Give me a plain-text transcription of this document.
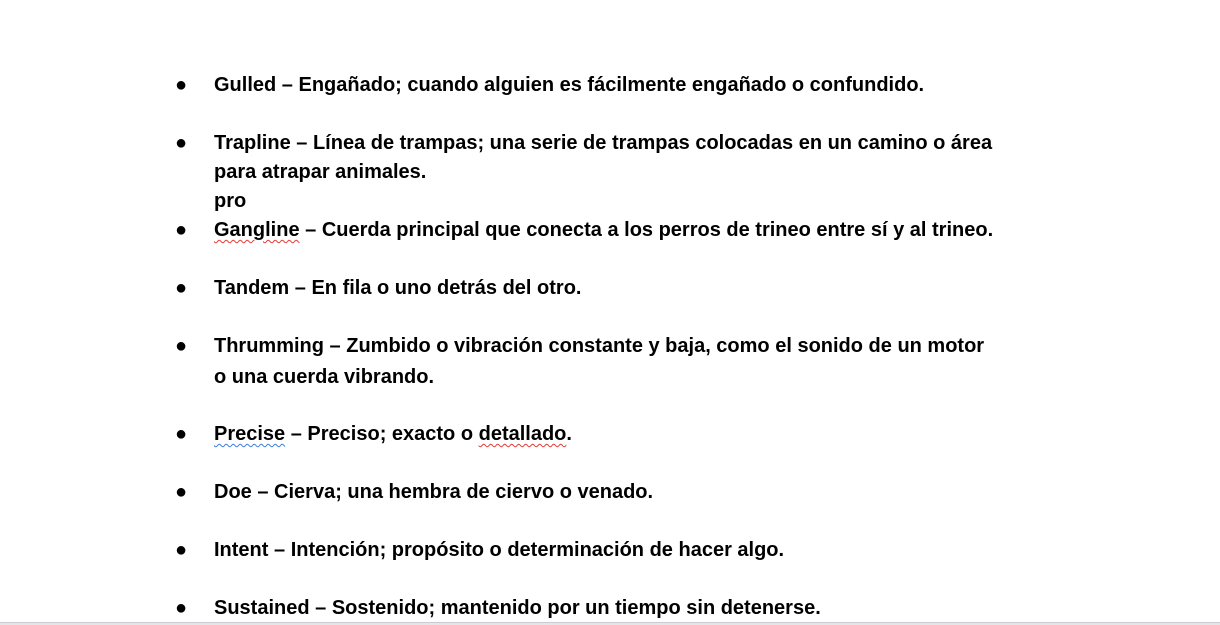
●	Gulled – Engañado; cuando alguien es fácilmente engañado o confundido.
●	Trapline – Línea de trampas; una serie de trampas colocadas en un camino o área
para atrapar animales.
pro
●	Gangline – Cuerda principal que conecta a los perros de trineo entre sí y al trineo.
●	Tandem – En fila o uno detrás del otro.
●	Thrumming – Zumbido o vibración constante y baja, como el sonido de un motor
o una cuerda vibrando.
●	Precise – Preciso; exacto o detallado.
●	Doe – Cierva; una hembra de ciervo o venado.
●	Intent – Intención; propósito o determinación de hacer algo.
●	Sustained – Sostenido; mantenido por un tiempo sin detenerse.
